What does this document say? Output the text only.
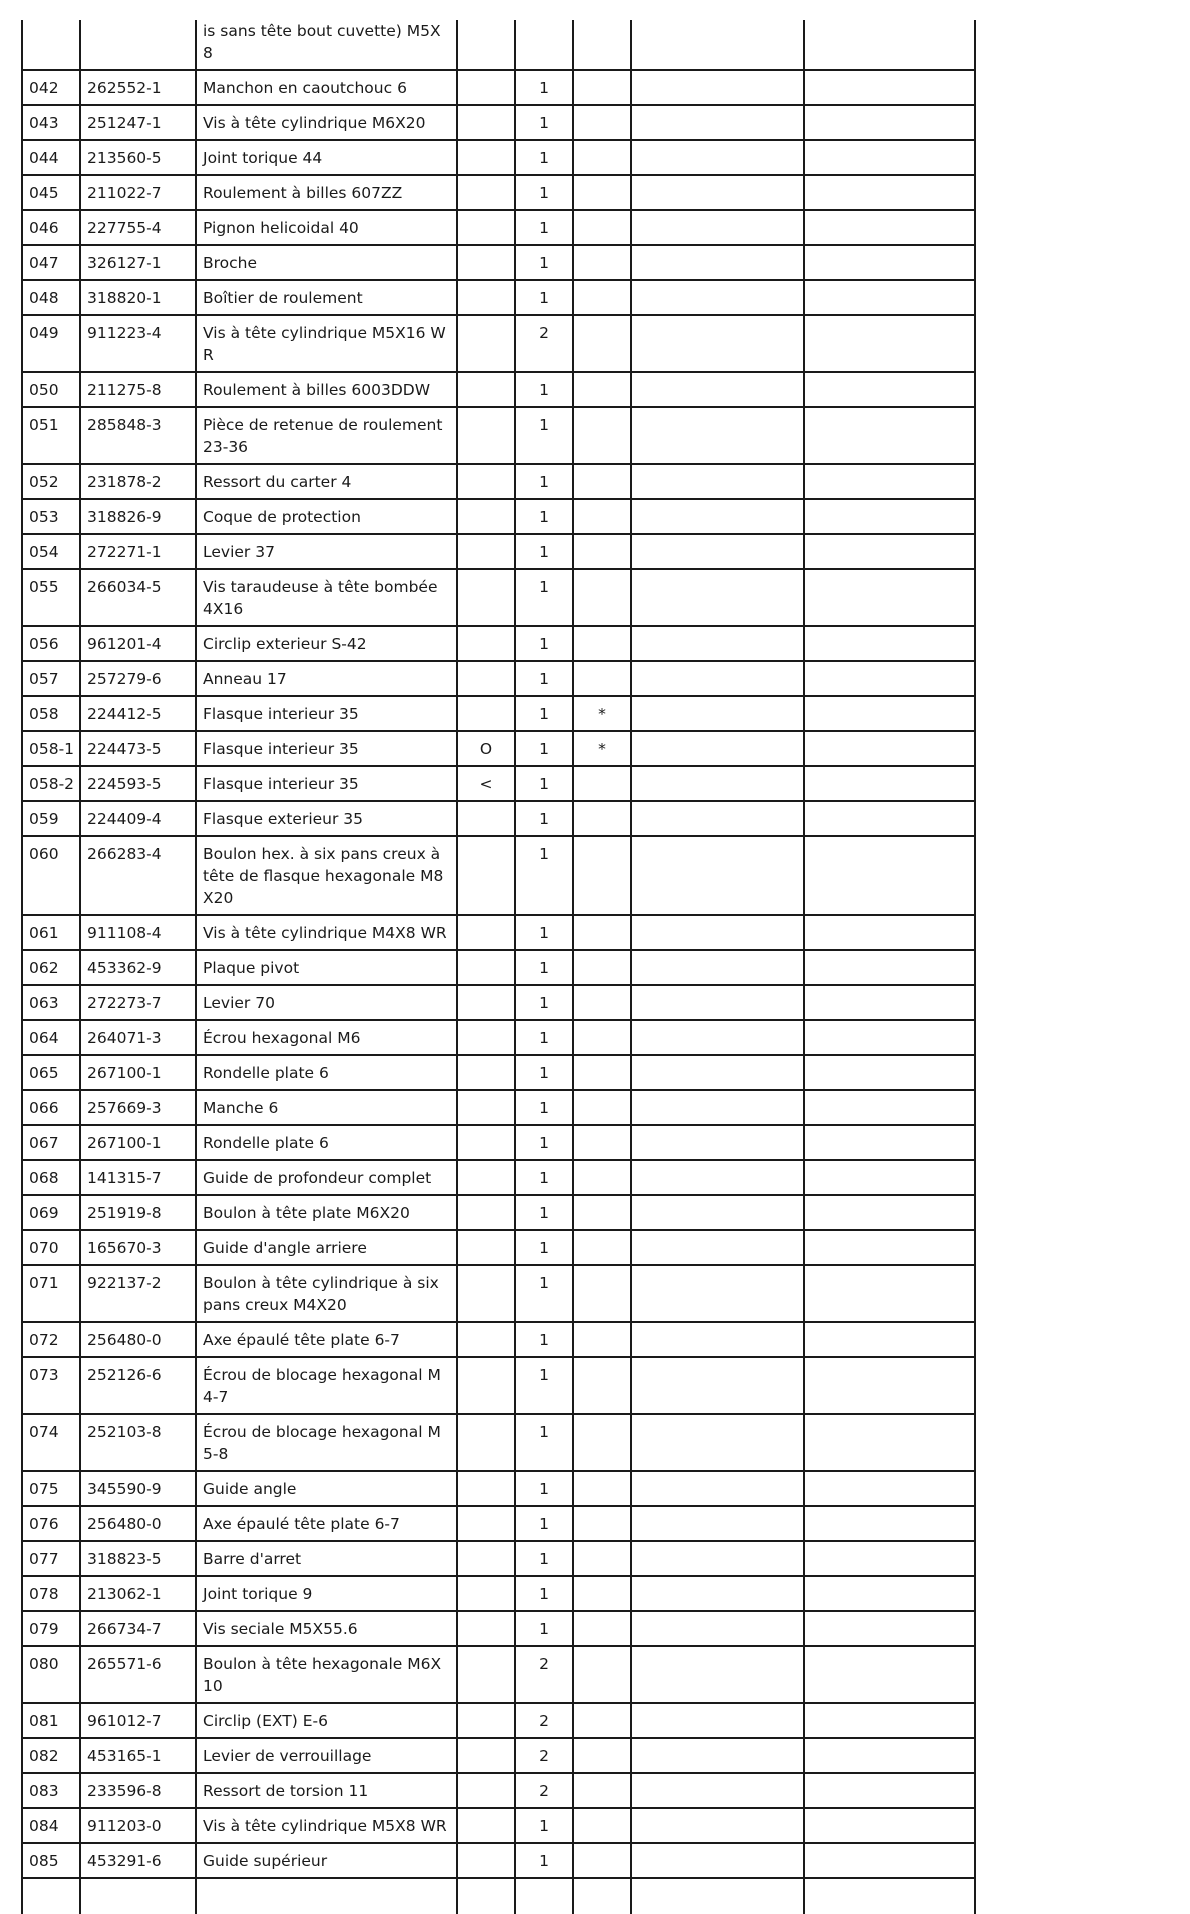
		is sans tête bout cuvette) M5X8					
042	262552-1	Manchon en caoutchouc 6		1			
043	251247-1	Vis à tête cylindrique M6X20		1			
044	213560-5	Joint torique 44		1			
045	211022-7	Roulement à billes 607ZZ		1			
046	227755-4	Pignon helicoidal 40		1			
047	326127-1	Broche		1			
048	318820-1	Boîtier de roulement		1			
049	911223-4	Vis à tête cylindrique M5X16 WR		2			
050	211275-8	Roulement à billes 6003DDW		1			
051	285848-3	Pièce de retenue de roulement 23-36		1			
052	231878-2	Ressort du carter 4		1			
053	318826-9	Coque de protection		1			
054	272271-1	Levier 37		1			
055	266034-5	Vis taraudeuse à tête bombée 4X16		1			
056	961201-4	Circlip exterieur S-42		1			
057	257279-6	Anneau 17		1			
058	224412-5	Flasque interieur 35		1	*		
058-1	224473-5	Flasque interieur 35	O	1	*		
058-2	224593-5	Flasque interieur 35	<	1			
059	224409-4	Flasque exterieur 35		1			
060	266283-4	Boulon hex. à six pans creux à tête de flasque hexagonale M8X20		1			
061	911108-4	Vis à tête cylindrique M4X8 WR		1			
062	453362-9	Plaque pivot		1			
063	272273-7	Levier 70		1			
064	264071-3	Écrou hexagonal M6		1			
065	267100-1	Rondelle plate 6		1			
066	257669-3	Manche 6		1			
067	267100-1	Rondelle plate 6		1			
068	141315-7	Guide de profondeur complet		1			
069	251919-8	Boulon à tête plate M6X20		1			
070	165670-3	Guide d'angle arriere		1			
071	922137-2	Boulon à tête cylindrique à six pans creux M4X20		1			
072	256480-0	Axe épaulé tête plate 6-7		1			
073	252126-6	Écrou de blocage hexagonal M4-7		1			
074	252103-8	Écrou de blocage hexagonal M5-8		1			
075	345590-9	Guide angle		1			
076	256480-0	Axe épaulé tête plate 6-7		1			
077	318823-5	Barre d'arret		1			
078	213062-1	Joint torique 9		1			
079	266734-7	Vis seciale M5X55.6		1			
080	265571-6	Boulon à tête hexagonale M6X10		2			
081	961012-7	Circlip (EXT) E-6		2			
082	453165-1	Levier de verrouillage		2			
083	233596-8	Ressort de torsion 11		2			
084	911203-0	Vis à tête cylindrique M5X8 WR		1			
085	453291-6	Guide supérieur		1			
